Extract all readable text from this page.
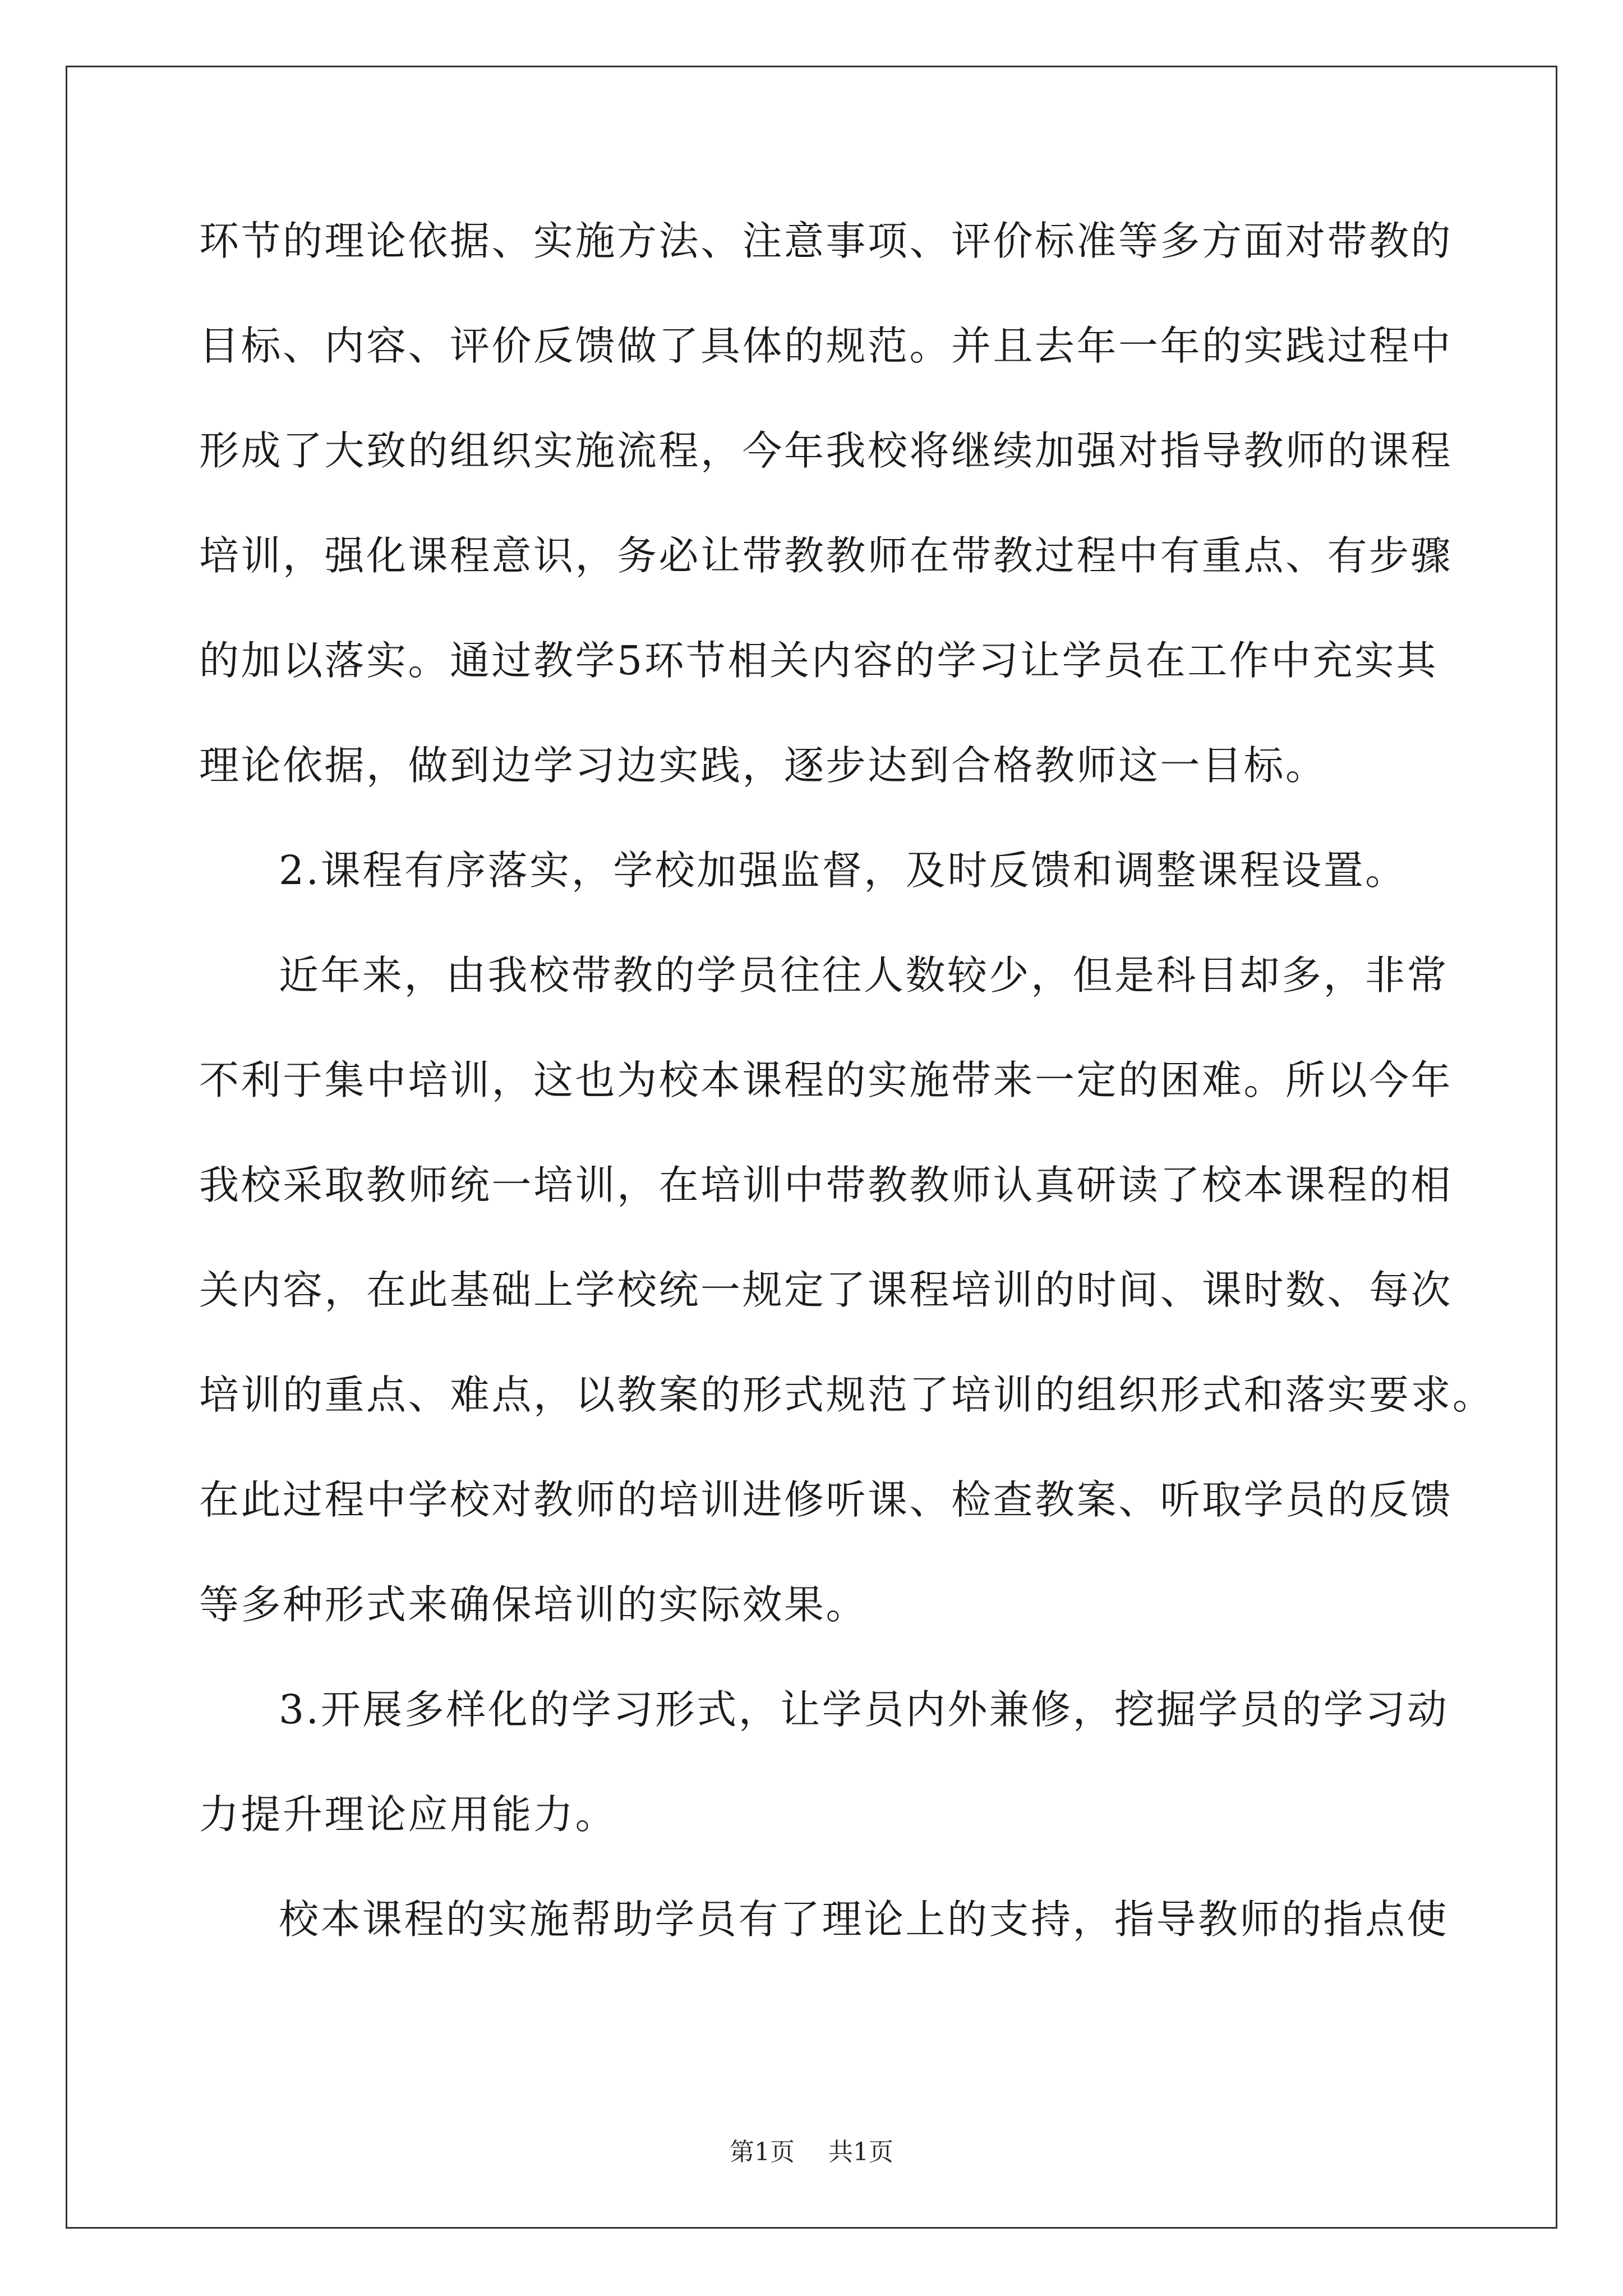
环节的理论依据、实施方法、注意事项、评价标准等多方面对带教的
目标、内容、评价反馈做了具体的规范。并且去年一年的实践过程中
形成了大致的组织实施流程，今年我校将继续加强对指导教师的课程
培训，强化课程意识，务必让带教教师在带教过程中有重点、有步骤
的加以落实。通过教学5环节相关内容的学习让学员在工作中充实其
理论依据，做到边学习边实践，逐步达到合格教师这一目标。
2.课程有序落实，学校加强监督，及时反馈和调整课程设置。
近年来，由我校带教的学员往往人数较少，但是科目却多，非常
不利于集中培训，这也为校本课程的实施带来一定的困难。所以今年
我校采取教师统一培训，在培训中带教教师认真研读了校本课程的相
关内容，在此基础上学校统一规定了课程培训的时间、课时数、每次
培训的重点、难点，以教案的形式规范了培训的组织形式和落实要求。
在此过程中学校对教师的培训进修听课、检查教案、听取学员的反馈
等多种形式来确保培训的实际效果。
3.开展多样化的学习形式，让学员内外兼修，挖掘学员的学习动
力提升理论应用能力。
校本课程的实施帮助学员有了理论上的支持，指导教师的指点使
第1页 共1页
